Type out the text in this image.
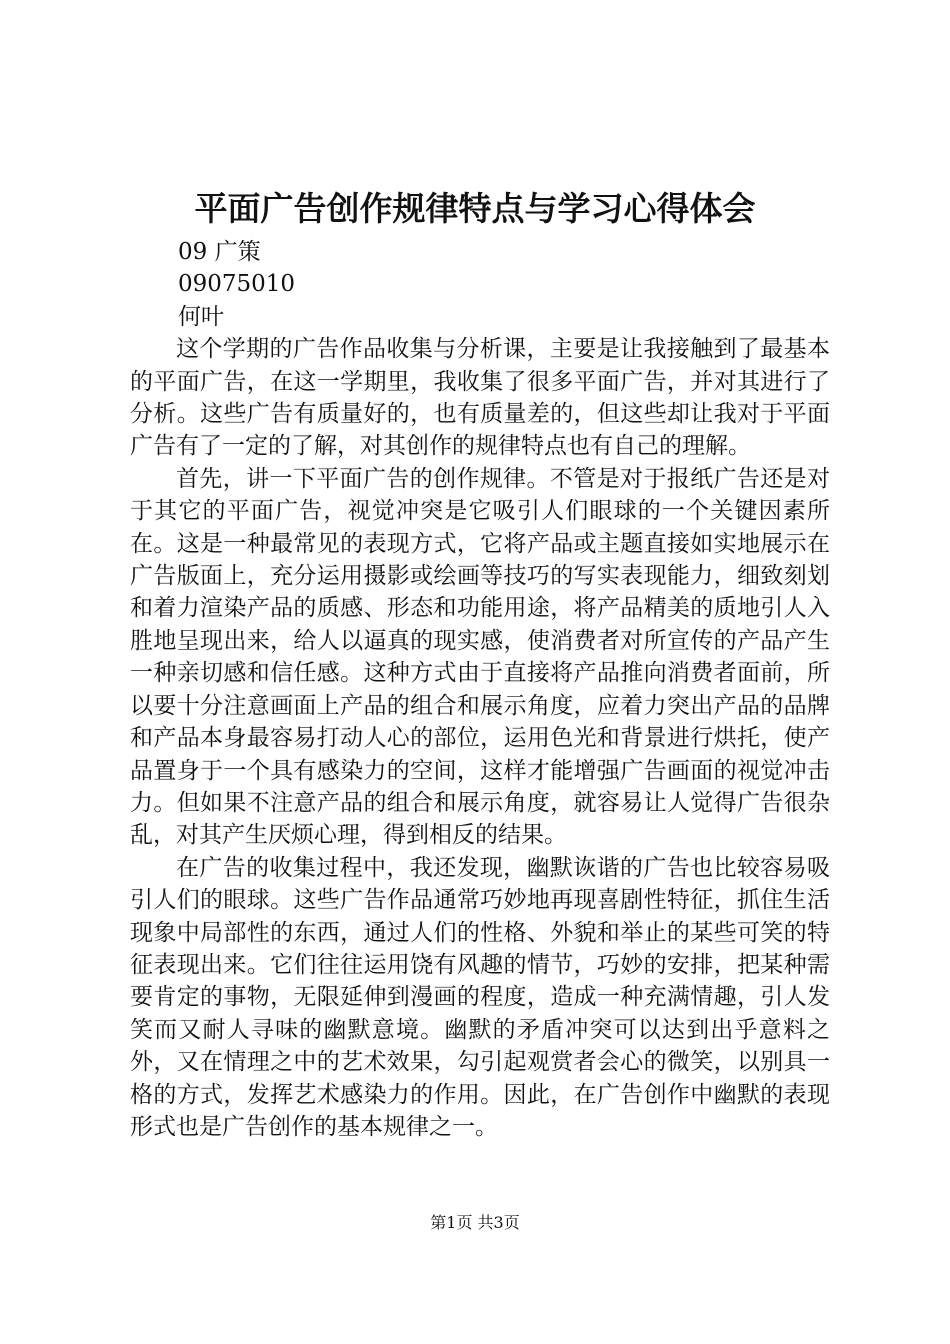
平面广告创作规律特点与学习心得体会

09 广策

09075010

何叶

这个学期的广告作品收集与分析课，主要是让我接触到了最基本的平面广告，在这一学期里，我收集了很多平面广告，并对其进行了分析。这些广告有质量好的，也有质量差的，但这些却让我对于平面广告有了一定的了解，对其创作的规律特点也有自己的理解。

首先，讲一下平面广告的创作规律。不管是对于报纸广告还是对于其它的平面广告，视觉冲突是它吸引人们眼球的一个关键因素所在。这是一种最常见的表现方式，它将产品或主题直接如实地展示在广告版面上，充分运用摄影或绘画等技巧的写实表现能力，细致刻划和着力渲染产品的质感、形态和功能用途，将产品精美的质地引人入胜地呈现出来，给人以逼真的现实感，使消费者对所宣传的产品产生一种亲切感和信任感。这种方式由于直接将产品推向消费者面前，所以要十分注意画面上产品的组合和展示角度，应着力突出产品的品牌和产品本身最容易打动人心的部位，运用色光和背景进行烘托，使产品置身于一个具有感染力的空间，这样才能增强广告画面的视觉冲击力。但如果不注意产品的组合和展示角度，就容易让人觉得广告很杂乱，对其产生厌烦心理，得到相反的结果。

在广告的收集过程中，我还发现，幽默诙谐的广告也比较容易吸引人们的眼球。这些广告作品通常巧妙地再现喜剧性特征，抓住生活现象中局部性的东西，通过人们的性格、外貌和举止的某些可笑的特征表现出来。它们往往运用饶有风趣的情节，巧妙的安排，把某种需要肯定的事物，无限延伸到漫画的程度，造成一种充满情趣，引人发笑而又耐人寻味的幽默意境。幽默的矛盾冲突可以达到出乎意料之外，又在情理之中的艺术效果，勾引起观赏者会心的微笑，以别具一格的方式，发挥艺术感染力的作用。因此，在广告创作中幽默的表现形式也是广告创作的基本规律之一。

第1页 共3页
